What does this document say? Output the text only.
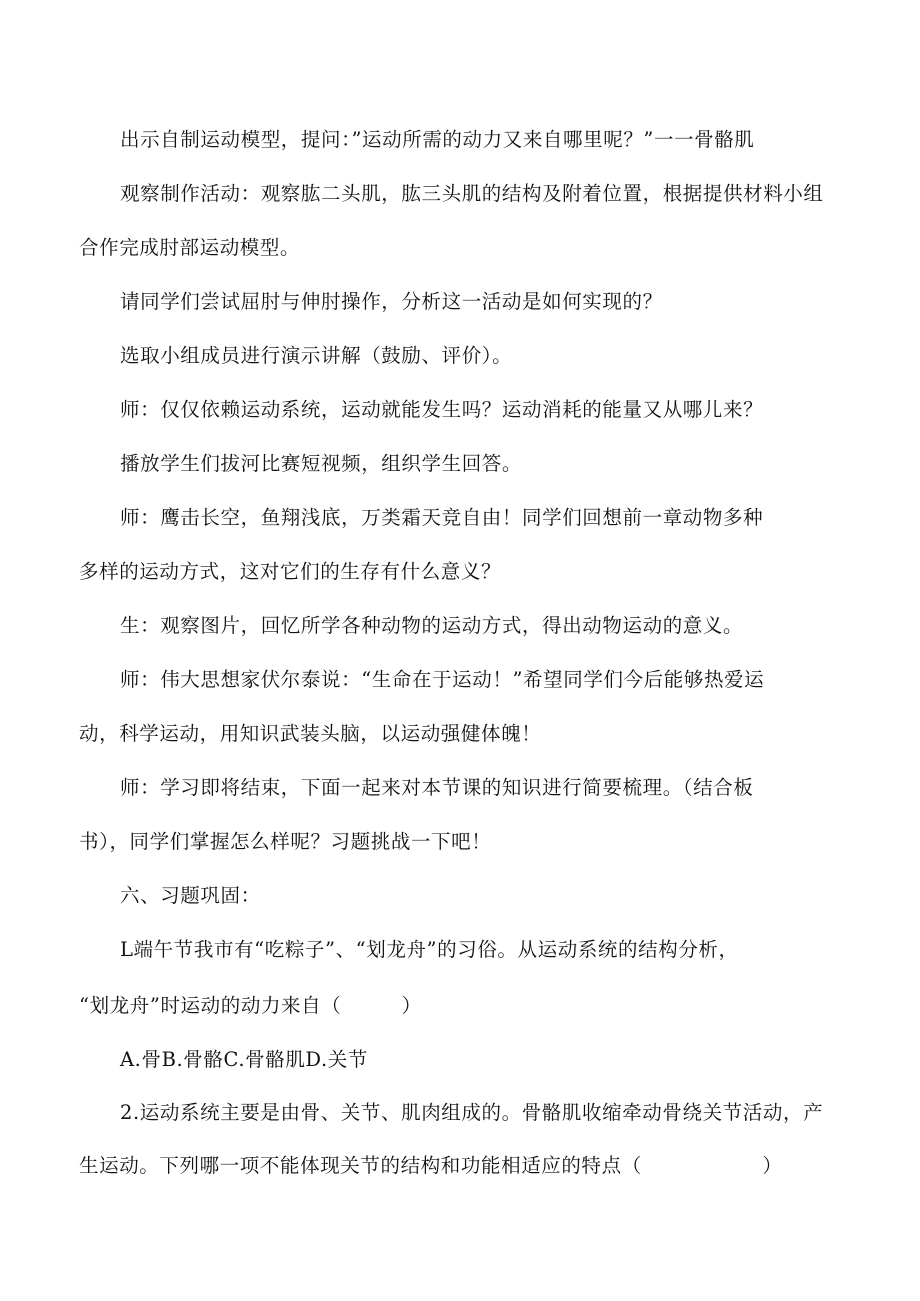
出示自制运动模型，提问：”运动所需的动力又来自哪里呢？”一一骨骼肌

观察制作活动：观察肱二头肌，肱三头肌的结构及附着位置，根据提供材料小组

合作完成肘部运动模型。

请同学们尝试屈肘与伸肘操作，分析这一活动是如何实现的？

选取小组成员进行演示讲解（鼓励、评价）。

师：仅仅依赖运动系统，运动就能发生吗？运动消耗的能量又从哪儿来？

播放学生们拔河比赛短视频，组织学生回答。

师：鹰击长空，鱼翔浅底，万类霜天竞自由！同学们回想前一章动物多种

多样的运动方式，这对它们的生存有什么意义？

生：观察图片，回忆所学各种动物的运动方式，得出动物运动的意义。

师：伟大思想家伏尔泰说：“生命在于运动！”希望同学们今后能够热爱运

动，科学运动，用知识武装头脑，以运动强健体魄！

师：学习即将结束，下面一起来对本节课的知识进行简要梳理。（结合板

书），同学们掌握怎么样呢？习题挑战一下吧！

六、习题巩固：

L端午节我市有“吃粽子”、“划龙舟”的习俗。从运动系统的结构分析，

“划龙舟”时运动的动力来自（　　　）

A.骨B.骨骼C.骨骼肌D.关节

2.运动系统主要是由骨、关节、肌肉组成的。骨骼肌收缩牵动骨绕关节活动，产

生运动。下列哪一项不能体现关节的结构和功能相适应的特点（　　　　　　）
